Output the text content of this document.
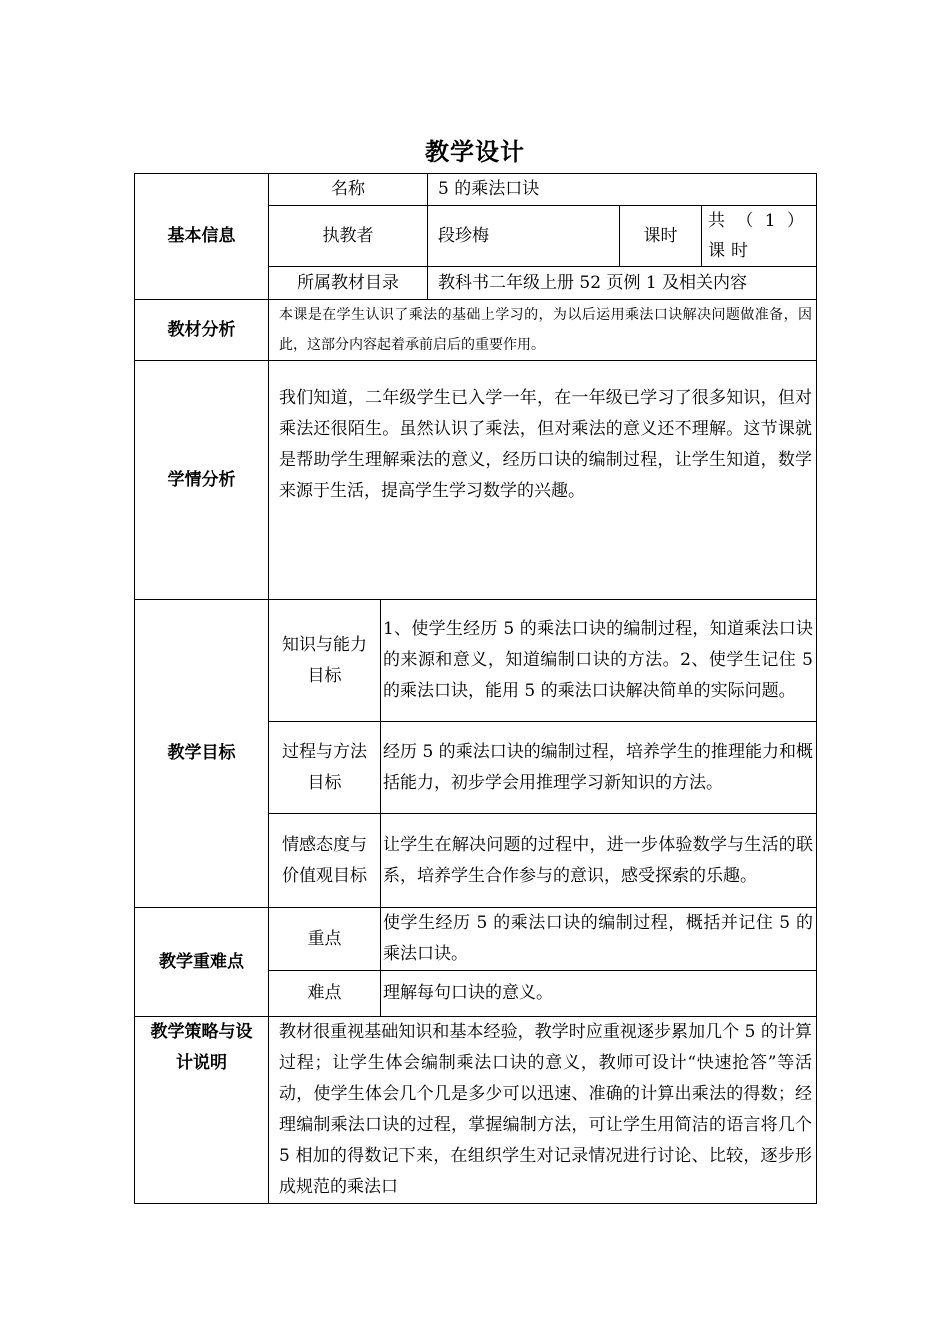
教学设计
基本信息	名称		5 的乘法口诀		
	执教者		段珍梅	课时	共（1）课时
	所属教材目录		教科书二年级上册 52 页例 1 及相关内容		
教材分析	本课是在学生认识了乘法的基础上学习的，为以后运用乘法口诀解决问题做准备，因此，这部分内容起着承前启后的重要作用。				
学情分析	我们知道，二年级学生已入学一年，在一年级已学习了很多知识，但对乘法还很陌生。虽然认识了乘法，但对乘法的意义还不理解。这节课就是帮助学生理解乘法的意义，经历口诀的编制过程，让学生知道，数学来源于生活，提高学生学习数学的兴趣。				
教学目标	知识与能力目标	1、使学生经历 5 的乘法口诀的编制过程，知道乘法口诀的来源和意义，知道编制口诀的方法。2、使学生记住 5 的乘法口诀，能用 5 的乘法口诀解决简单的实际问题。			
	过程与方法目标	经历 5 的乘法口诀的编制过程，培养学生的推理能力和概括能力，初步学会用推理学习新知识的方法。			
	情感态度与价值观目标	让学生在解决问题的过程中，进一步体验数学与生活的联系，培养学生合作参与的意识，感受探索的乐趣。			
教学重难点	重点	使学生经历 5 的乘法口诀的编制过程，概括并记住 5 的乘法口诀。			
	难点	理解每句口诀的意义。			
教学策略与设计说明	教材很重视基础知识和基本经验，教学时应重视逐步累加几个 5 的计算过程；让学生体会编制乘法口诀的意义，教师可设计“快速抢答”等活动，使学生体会几个几是多少可以迅速、准确的计算出乘法的得数；经理编制乘法口诀的过程，掌握编制方法，可让学生用简洁的语言将几个 5 相加的得数记下来，在组织学生对记录情况进行讨论、比较，逐步形成规范的乘法口				
